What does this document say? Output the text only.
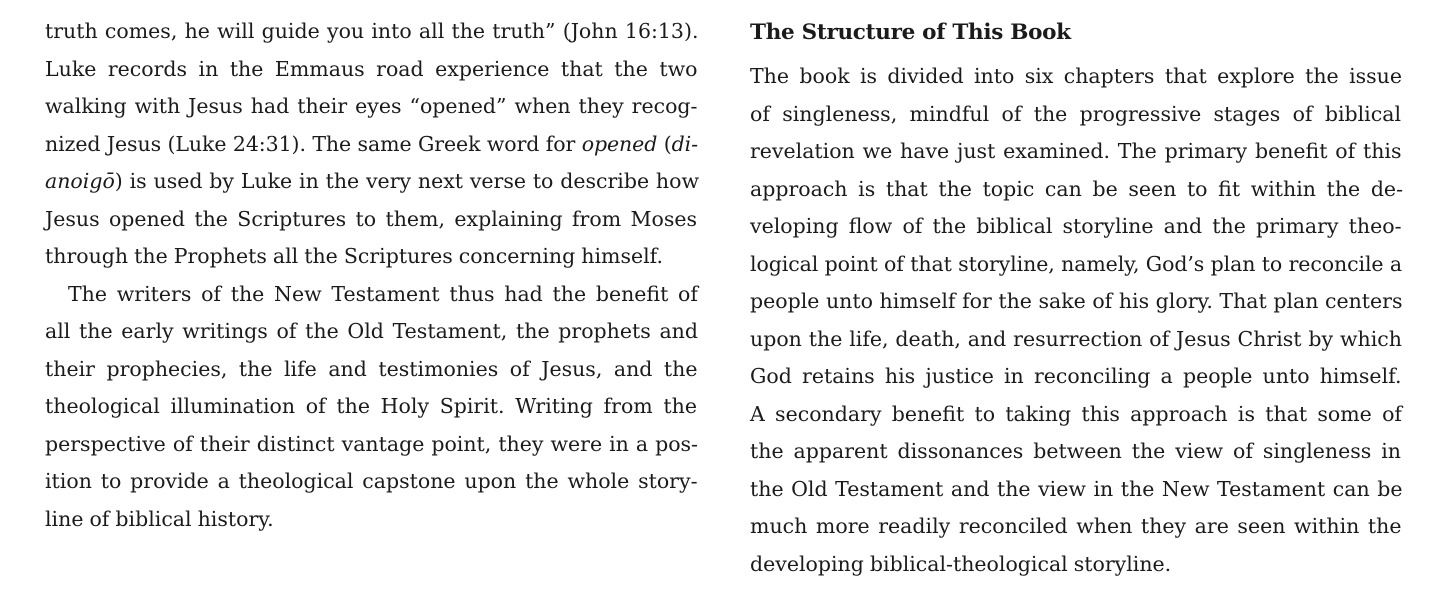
truth comes, he will guide you into all the truth” (John 16:13).
Luke records in the Emmaus road experience that the two
walking with Jesus had their eyes “opened” when they recog-
nized Jesus (Luke 24:31). The same Greek word for opened (di-
anoigō) is used by Luke in the very next verse to describe how
Jesus opened the Scriptures to them, explaining from Moses
through the Prophets all the Scriptures concerning himself.
The writers of the New Testament thus had the benefit of
all the early writings of the Old Testament, the prophets and
their prophecies, the life and testimonies of Jesus, and the
theological illumination of the Holy Spirit. Writing from the
perspective of their distinct vantage point, they were in a pos-
ition to provide a theological capstone upon the whole story-
line of biblical history.
The Structure of This Book
The book is divided into six chapters that explore the issue
of singleness, mindful of the progressive stages of biblical
revelation we have just examined. The primary benefit of this
approach is that the topic can be seen to fit within the de-
veloping flow of the biblical storyline and the primary theo-
logical point of that storyline, namely, God’s plan to reconcile a
people unto himself for the sake of his glory. That plan centers
upon the life, death, and resurrection of Jesus Christ by which
God retains his justice in reconciling a people unto himself.
A secondary benefit to taking this approach is that some of
the apparent dissonances between the view of singleness in
the Old Testament and the view in the New Testament can be
much more readily reconciled when they are seen within the
developing biblical-theological storyline.
